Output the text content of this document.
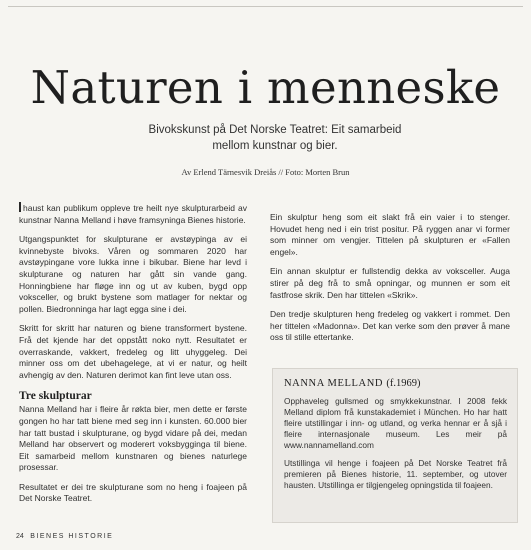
Naturen i menneske
Bivokskunst på Det Norske Teatret: Eit samarbeid
mellom kunstnar og bier.
Av Erlend Tärnesvik Dreiås // Foto: Morten Brun

haust kan publikum oppleve tre heilt nye skulpturarbeid av kunstnar Nanna Melland i høve framsyninga Bienes historie.

Utgangspunktet for skulpturane er avstøypinga av ei kvinnebyste bivoks. Våren og sommaren 2020 har avstøypingane vore lukka inne i bikubar. Biene har levd i skulpturane og naturen har gått sin vande gang. Honningbiene har fløge inn og ut av kuben, bygd opp voksceller, og brukt bystene som matlager for nektar og pollen. Biedronninga har lagt egga sine i dei.

Skritt for skritt har naturen og biene transformert bystene. Frå det kjende har det oppstått noko nytt. Resultatet er overraskande, vakkert, fredeleg og litt uhyggeleg. Dei minner oss om det ubehagelege, at vi er natur, og heilt avhengig av den. Naturen derimot kan fint leve utan oss.

Tre skulpturar

Nanna Melland har i fleire år røkta bier, men dette er første gongen ho har tatt biene med seg inn i kunsten. 60.000 bier har tatt bustad i skulpturane, og bygd vidare på dei, medan Melland har observert og moderert voksbygginga til biene. Eit samarbeid mellom kunstnaren og bienes naturlege prosessar.

Resultatet er dei tre skulpturane som no heng i foajeen på Det Norske Teatret.

Ein skulptur heng som eit slakt frå ein vaier i to stenger. Hovudet heng ned i ein trist positur. På ryggen anar vi former som minner om vengjer. Tittelen på skulpturen er «Fallen engel».

Ein annan skulptur er fullstendig dekka av voksceller. Auga stirer på deg frå to små opningar, og munnen er som eit fastfrose skrik. Den har tittelen «Skrik».

Den tredje skulpturen heng fredeleg og vakkert i rommet. Den her tittelen «Madonna». Det kan verke som den prøver å mane oss til stille ettertanke.

NANNA MELLAND (f.1969)

Opphaveleg gullsmed og smykkekunstnar. I 2008 fekk Melland diplom frå kunstakademiet i München. Ho har hatt fleire utstillingar i inn- og utland, og verka hennar er å sjå i fleire internasjonale museum. Les meir på www.nannamelland.com

Utstillinga vil henge i foajeen på Det Norske Teatret frå premieren på Bienes historie, 11. september, og utover hausten. Utstillinga er tilgjengeleg opningstida til foajeen.

24 BIENES HISTORIE
